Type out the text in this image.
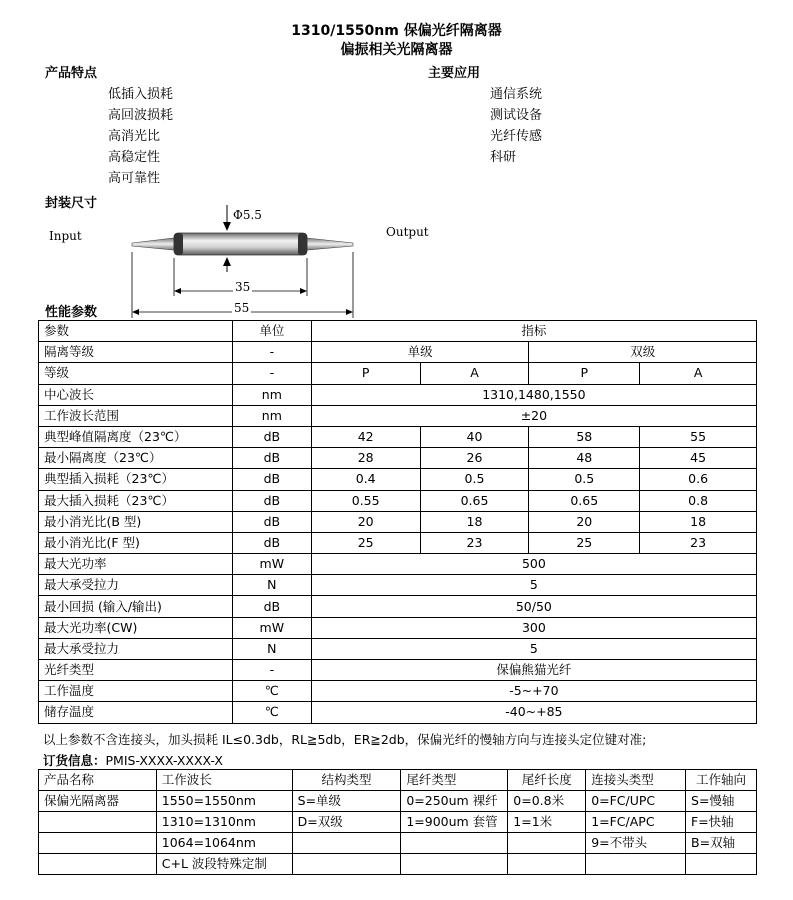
1310/1550nm 保偏光纤隔离器
偏振相关光隔离器
产品特点
低插入损耗
高回波损耗
高消光比
高稳定性
高可靠性
主要应用
通信系统
测试设备
光纤传感
科研
封装尺寸
Input	Output
Φ5.5
35
55
性能参数
参数	单位	指标			
隔离等级	-	单级		双级	
等级	-	P	A	P	A
中心波长	nm	1310,1480,1550			
工作波长范围	nm	±20			
典型峰值隔离度（23℃）	dB	42	40	58	55
最小隔离度（23℃）	dB	28	26	48	45
典型插入损耗（23℃）	dB	0.4	0.5	0.5	0.6
最大插入损耗（23℃）	dB	0.55	0.65	0.65	0.8
最小消光比(B 型)	dB	20	18	20	18
最小消光比(F 型)	dB	25	23	25	23
最大光功率	mW	500			
最大承受拉力	N	5			
最小回损 (输入/输出)	dB	50/50			
最大光功率(CW)	mW	300			
最大承受拉力	N	5			
光纤类型	-	保偏熊猫光纤			
工作温度	℃	-5~+70			
储存温度	℃	-40~+85			
以上参数不含连接头，加头损耗 IL≤0.3db，RL≧5db，ER≧2db，保偏光纤的慢轴方向与连接头定位键对准;
订货信息：PMIS-XXXX-XXXX-X
产品名称	工作波长	结构类型	尾纤类型	尾纤长度	连接头类型	工作轴向
保偏光隔离器	1550=1550nm	S=单级	0=250um 裸纤	0=0.8米	0=FC/UPC	S=慢轴
	1310=1310nm	D=双级	1=900um 套管	1=1米	1=FC/APC	F=快轴
	1064=1064nm				9=不带头	B=双轴
	C+L 波段特殊定制					
